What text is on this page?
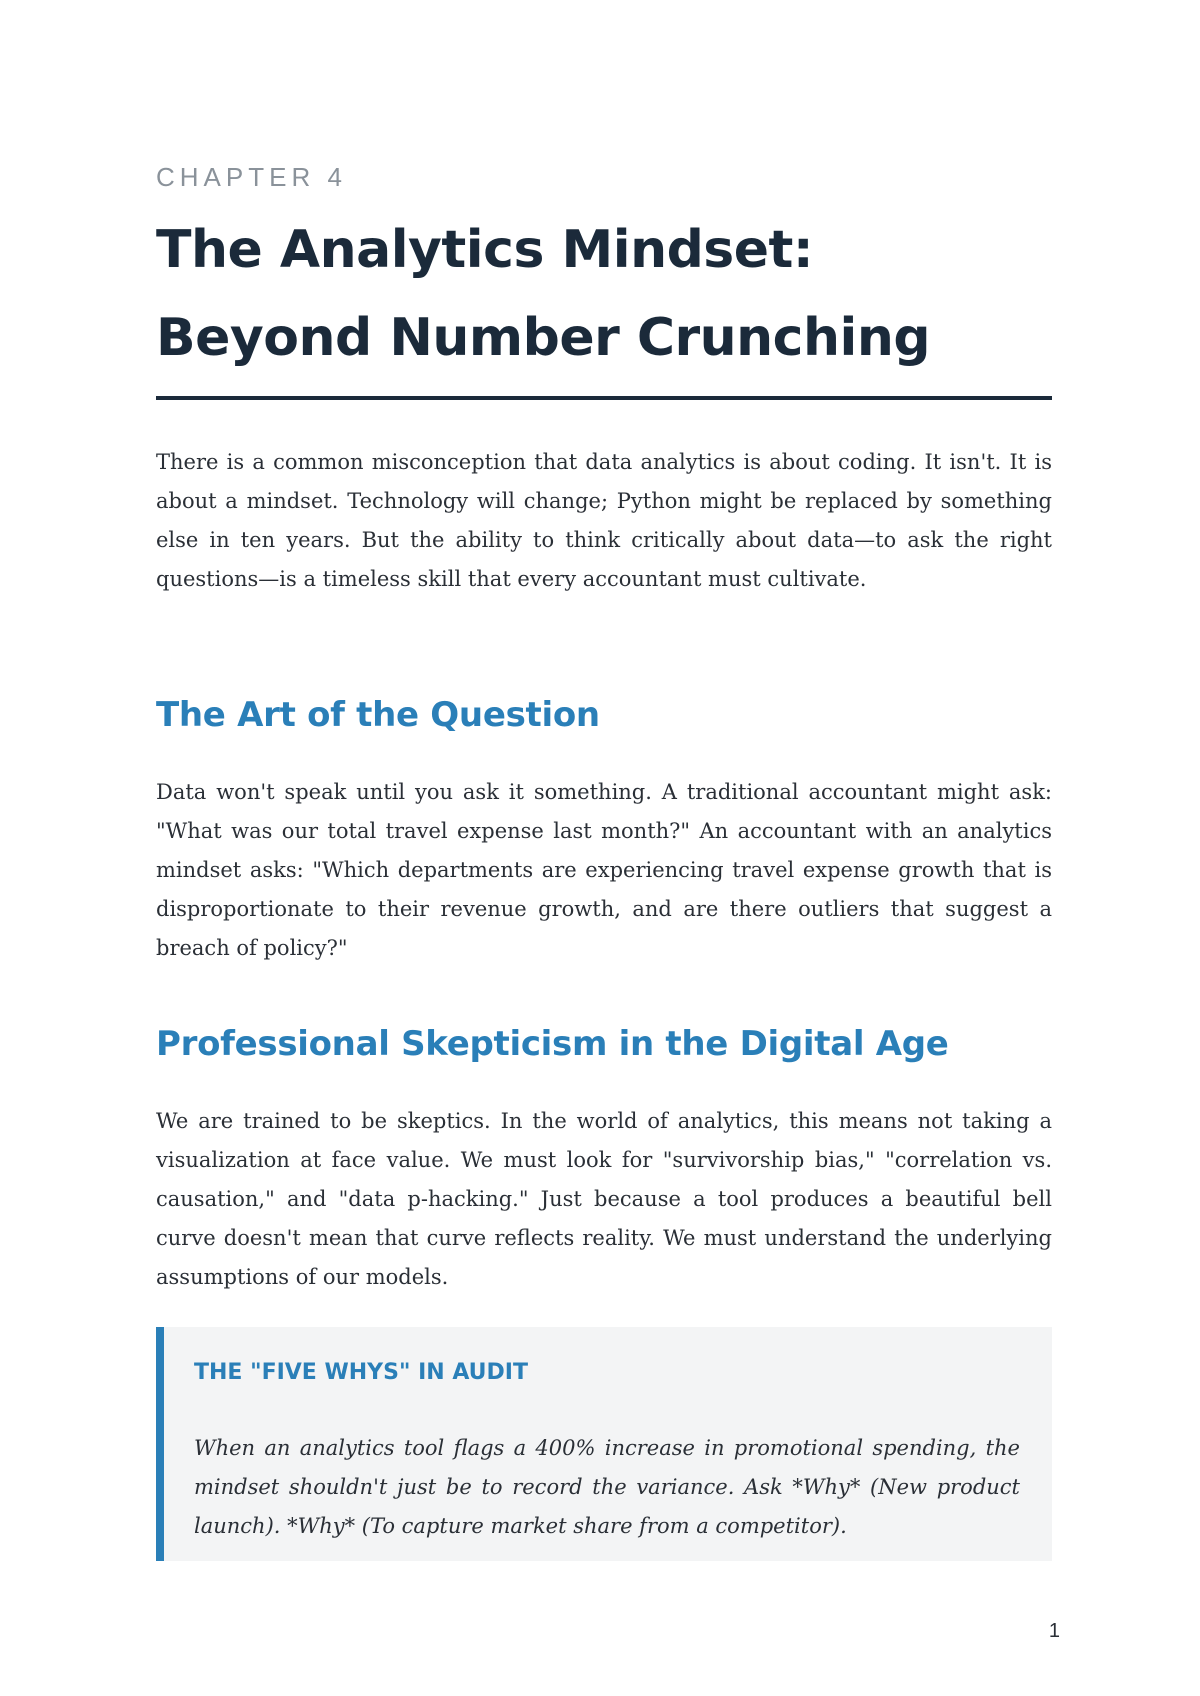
CHAPTER 4
The Analytics Mindset:
Beyond Number Crunching

There is a common misconception that data analytics is about coding. It isn't. It is about a mindset. Technology will change; Python might be replaced by something else in ten years. But the ability to think critically about data—to ask the right questions—is a timeless skill that every accountant must cultivate.

The Art of the Question

Data won't speak until you ask it something. A traditional accountant might ask: "What was our total travel expense last month?" An accountant with an analytics mindset asks: "Which departments are experiencing travel expense growth that is disproportionate to their revenue growth, and are there outliers that suggest a breach of policy?"

Professional Skepticism in the Digital Age

We are trained to be skeptics. In the world of analytics, this means not taking a visualization at face value. We must look for "survivorship bias," "correlation vs. causation," and "data p-hacking." Just because a tool produces a beautiful bell curve doesn't mean that curve reflects reality. We must understand the underlying assumptions of our models.

THE "FIVE WHYS" IN AUDIT

When an analytics tool flags a 400% increase in promotional spending, the mindset shouldn't just be to record the variance. Ask *Why* (New product launch). *Why* (To capture market share from a competitor).

1
